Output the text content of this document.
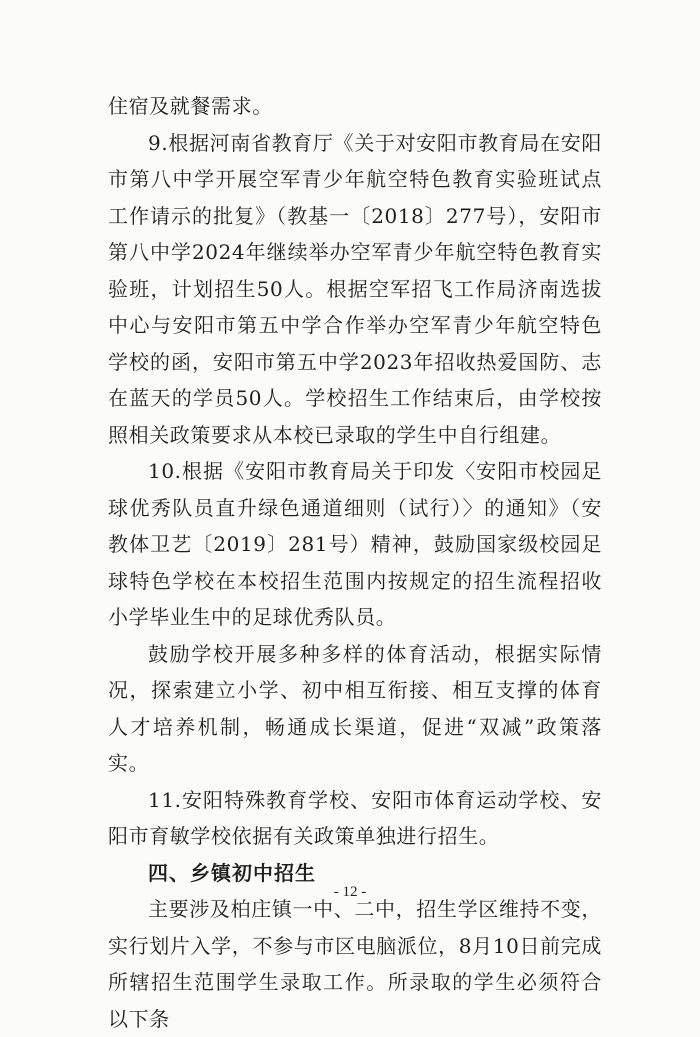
住宿及就餐需求。

9.根据河南省教育厅《关于对安阳市教育局在安阳市第八中学开展空军青少年航空特色教育实验班试点工作请示的批复》（教基一〔2018〕277号），安阳市第八中学2024年继续举办空军青少年航空特色教育实验班，计划招生50人。根据空军招飞工作局济南选拔中心与安阳市第五中学合作举办空军青少年航空特色学校的函，安阳市第五中学2023年招收热爱国防、志在蓝天的学员50人。学校招生工作结束后，由学校按照相关政策要求从本校已录取的学生中自行组建。

10.根据《安阳市教育局关于印发〈安阳市校园足球优秀队员直升绿色通道细则（试行）〉的通知》（安教体卫艺〔2019〕281号）精神，鼓励国家级校园足球特色学校在本校招生范围内按规定的招生流程招收小学毕业生中的足球优秀队员。

鼓励学校开展多种多样的体育活动，根据实际情况，探索建立小学、初中相互衔接、相互支撑的体育人才培养机制，畅通成长渠道，促进“双减”政策落实。

11.安阳特殊教育学校、安阳市体育运动学校、安阳市育敏学校依据有关政策单独进行招生。

四、乡镇初中招生

主要涉及柏庄镇一中、二中，招生学区维持不变，实行划片入学，不参与市区电脑派位，8月10日前完成所辖招生范围学生录取工作。所录取的学生必须符合以下条

- 12 -
